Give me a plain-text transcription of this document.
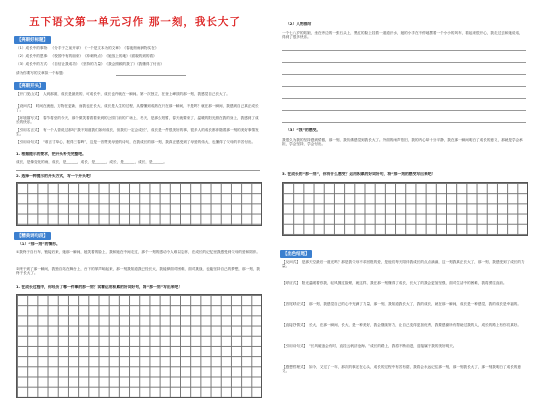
五下语文第一单元习作 那一刻，我长大了
【亮眼好标题】
（1）成长中的事物：《分手于之前开拿》　《一个是文本为的文章》　《春夜细雨润物实在》
（2）成长中的恩事：《校园中有的朋来》　《冲刺终点》　《她放上的地》《面貌的到的看》
（3）成长中的方式：《自信让我成功》　《坚持的力量》　《我会照顾的我了》《我懂得了付出》
请为你要写的文章拟一个标题：
【亮眼开头】
【开门见山式】　人到那面，成长是最美的，可成长中，成长也许就在一瞬间。第一次独立，在登上峰顶的那一刻，我感觉自己长大了。
【设问式】　时间在流逝，万物在更新，而我也在长大，成长是人生的过程，从懵懂到成熟在只在那一瞬间，不是吗？就在那一瞬间，我感到自己真正成长了。
【环境描写式】　春节将至的今天，那个微笑着看着来到的公园门前的广场上，冬天，是那么短暂，春天就要来了，温暖的阳光照在我的身上，我感到了成长的快乐。
【引用名言式】　有一个人曾说过那句“我不知道我们如何成长，但我们一定会成长”，成长是一件很美好的事，很多人的成长都伴随着那一刻的美好事情发生。
【引用诗句式】　“谁言寸草心，报得三春晖”，这是一首赞美母爱的诗句，在我成长的那一刻，我真正感受到了母爱的伟大，也懂得了父母的辛苦付出。
1. 根据提示的要求，把开头补充完整吧。
成长，是像变化的雨，成长，是______，成长，是______，成长，是______，成长，是______。
2. 选择一种提示的开头方式，写一个开头吧！
【精美词句段】
（1）“那一刻”的情形。
①我终于自行车，链接后来，她那一瞬间，她笑着的脸上，我和她在中间走过，那个一刻的感动令人难以忘怀，在成长的记忆里我感受到父母的爱和陪伴。
②终于到了那一瞬间，我独自站在舞台上，台下的掌声响起来，那一刻我知道我已经长大，我能够面对困难，面对挑战，也能坚持自己的梦想，那一刻，我终于长大了。
1. 在成长过程中，你经历了哪一件事的那一刻？试着运用积累的好词好句，将“那一刻”写出来吧！
（2）人物描写
一个七八岁的姑娘，坐在旁边的一张石头上，黑红的脸上挂着一道道汗水，她的小手在不停地摆着一个小小的风车，看起来很开心，我走过去和她说话，得到了很多快乐。
（3）“我”的感受。
我很久为我的坚持感到骄傲，那一刻，我仿佛感觉到我长大了。外面的雨声依旧，我的内心却十分平静，我在那一瞬间明白了成长的意义，那就是学会承担，学会坚持，学会付出。
3. 在成长的“那一刻”，你有什么感受？运用积累的好词好句，将“那一刻的感受写出来吧！
【出色结尾】
【反问式】　是那天空最后一道光吗？那是我父母不求回报的爱，是他们每天陪伴我成长的点点滴滴，这一刻我真正长大了，那一刻，我感受到了成长的力量。
【呼应式】　阳光温暖着你我，轻风拂过脸颊，就这样，我在那一刻懂得了成长，长大了的我会更加坚强，面对生活中的困难，我将勇往直前。
【首尾呼应式】　那一刻，我感觉自己的心中充满了力量，那一刻，我知道我长大了，我的成长，就在那一瞬间，成长是一种感觉，我的成长是幸福的。
【直接抒情式】　长大，在那一瞬间，长大，是一种美好，我会继续努力，让自己变得更加优秀，我要感谢所有帮助过我的人，成长的路上有你们真好。
【引用诗句式】　“长风破浪会有时，直挂云帆济沧海。”成长的路上，我将不断前进，迎接属于我的美好明天。
【感想哲理式】　如今，又过了一年，那次的事还在心头，成长的过程中有苦有甜，我将会永远记住那一刻，那一刻我长大了，那一刻我明白了成长的意义。
